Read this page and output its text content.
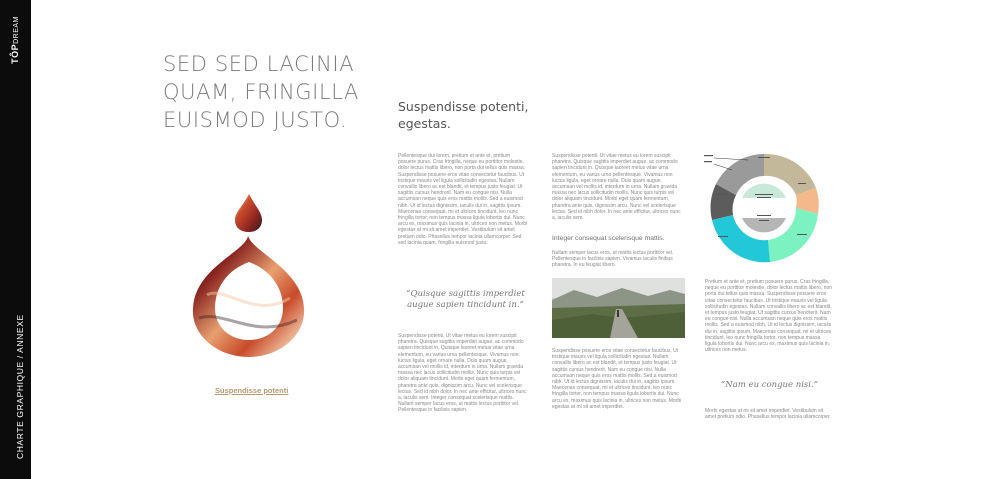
TÔPDREAM
CHARTE GRAPHIQUE / ANNEXE
SED SED LACINIA
QUAM, FRINGILLA
EUISMOD JUSTO.
Suspendisse potenti, egestas.
Suspendisse potenti
Pellentesque dui lorem, pretium et ante et, pretium posuere purus. Cras fringilla, neque eu porttitor molestie, dolor lectus mattis libero, non porta dui tellus quis massa. Suspendisse posuere eros vitae consectetur faucibus. Ut tristique mauris vel ligula sollicitudin egestas. Nullam convallis libero ac est blandit, et tempus justo feugiat. Ut sagittis cursus hendrerit. Nam eu congue nisi. Nulla accumsan neque quis eros mattis mollis. Sed a euismod nibh. Ut id lectus dignissim, iaculis dui in, sagittis ipsum. Maecenas consequat, mi et ultrices tincidunt, leo nunc fringilla tortor, non tempus massa ligula lobortis dui. Nunc arcu ex, maximus quis lacinia in, ultrices non metus. Morbi egestas at mi sit amet imperdiet. Vestibulum sit amet pretium odio. Phasellus tempor lacinia ullamcorper. Sed sed lacinia quam, fringilla euismod justo.
“Quisque sagittis imperdiet augue sapien tincidunt in.”
Suspendisse potenti. Ut vitae metus eu lorem suscipit pharetra. Quisque sagittis imperdiet augue, ac commodo sapien tincidunt in. Quisque laoreet metus vitae urna elementum, eu varius urna pellentesque. Vivamus non luctus ligula, eget ornare nulla. Duis quam augue, accumsan vel mollis id, interdum in urna. Nullam gravida massa nec lacus sollicitudin mollis. Nunc quis turpis vel dolor aliquam tincidunt. Morbi eget quam fermentum, pharetra ante quis, dignissim arcu. Nunc vel scelerisque lectus. Sed id nibh dolor. In nec ante efficitur, ultrices nunc a, iaculis sem. Integer consequat scelerisque mattis. Nullam semper lacus eros, ut mattis lectus porttitor vel. Pellentesque in facilisis sapien.
Suspendisse potenti. Ut vitae metus eu lorem suscipit pharetra. Quisque sagittis imperdiet augue, ac commodo sapien tincidunt in. Quisque laoreet metus vitae urna elementum, eu varius urna pellentesque. Vivamus non luctus ligula, eget ornare nulla. Duis quam augue, accumsan vel mollis id, interdum in urna. Nullam gravida massa nec lacus sollicitudin mollis. Nunc quis turpis vel dolor aliquam tincidunt. Morbi eget quam fermentum, pharetra ante quis, dignissim arcu. Nunc vel scelerisque lectus. Sed id nibh dolor. In nec ante efficitur, ultrices nunc a, iaculis sem.
Integer consequat scelerisque mattis.
Nullam semper lacus eros, ut mattis lectus porttitor vel. Pellentesque in facilisis sapien. Vivamus iaculis finibus pharetra. In eu feugiat libero.
Suspendisse posuere eros vitae consectetur faucibus. Ut tristique mauris vel ligula sollicitudin egestas. Nullam convallis libero ac est blandit, et tempus justo feugiat. Ut sagittis cursus hendrerit. Nam eu congue nisi. Nulla accumsan neque quis eros mattis mollis. Sed a euismod nibh. Ut id lectus dignissim, iaculis dui in, sagittis ipsum. Maecenas consequat, mi et ultrices tincidunt, leo nunc fringilla tortor, non tempus massa ligula lobortis dui. Nunc arcu ex, maximus quis lacinia in, ultrices non metus. Morbi egestas at mi sit amet imperdiet.
Pretium et ante et, pretium posuere purus. Cras fringilla, neque eu porttitor molestie, dolor lectus mattis libero, non porta dui tellus quis massa. Suspendisse posuere eros vitae consectetur faucibus. Ut tristique mauris vel ligula sollicitudin egestas. Nullam convallis libero ac est blandit, et tempus justo feugiat. Ut sagittis cursus hendrerit. Nam eu congue nisi. Nulla accumsan neque quis eros mattis mollis. Sed a euismod nibh. Ut id lectus dignissim, iaculis dui in, sagittis ipsum. Maecenas consequat, mi et ultrices tincidunt, leo nunc fringilla tortor, non tempus massa ligula lobortis dui. Nunc arcu ex, maximus quis lacinia in, ultrices non metus.
“Nam eu congue nisi.”
Morbi egestas at mi sit amet imperdiet. Vestibulum sit amet pretium odio. Phasellus tempor lacinia ullamcorper.
